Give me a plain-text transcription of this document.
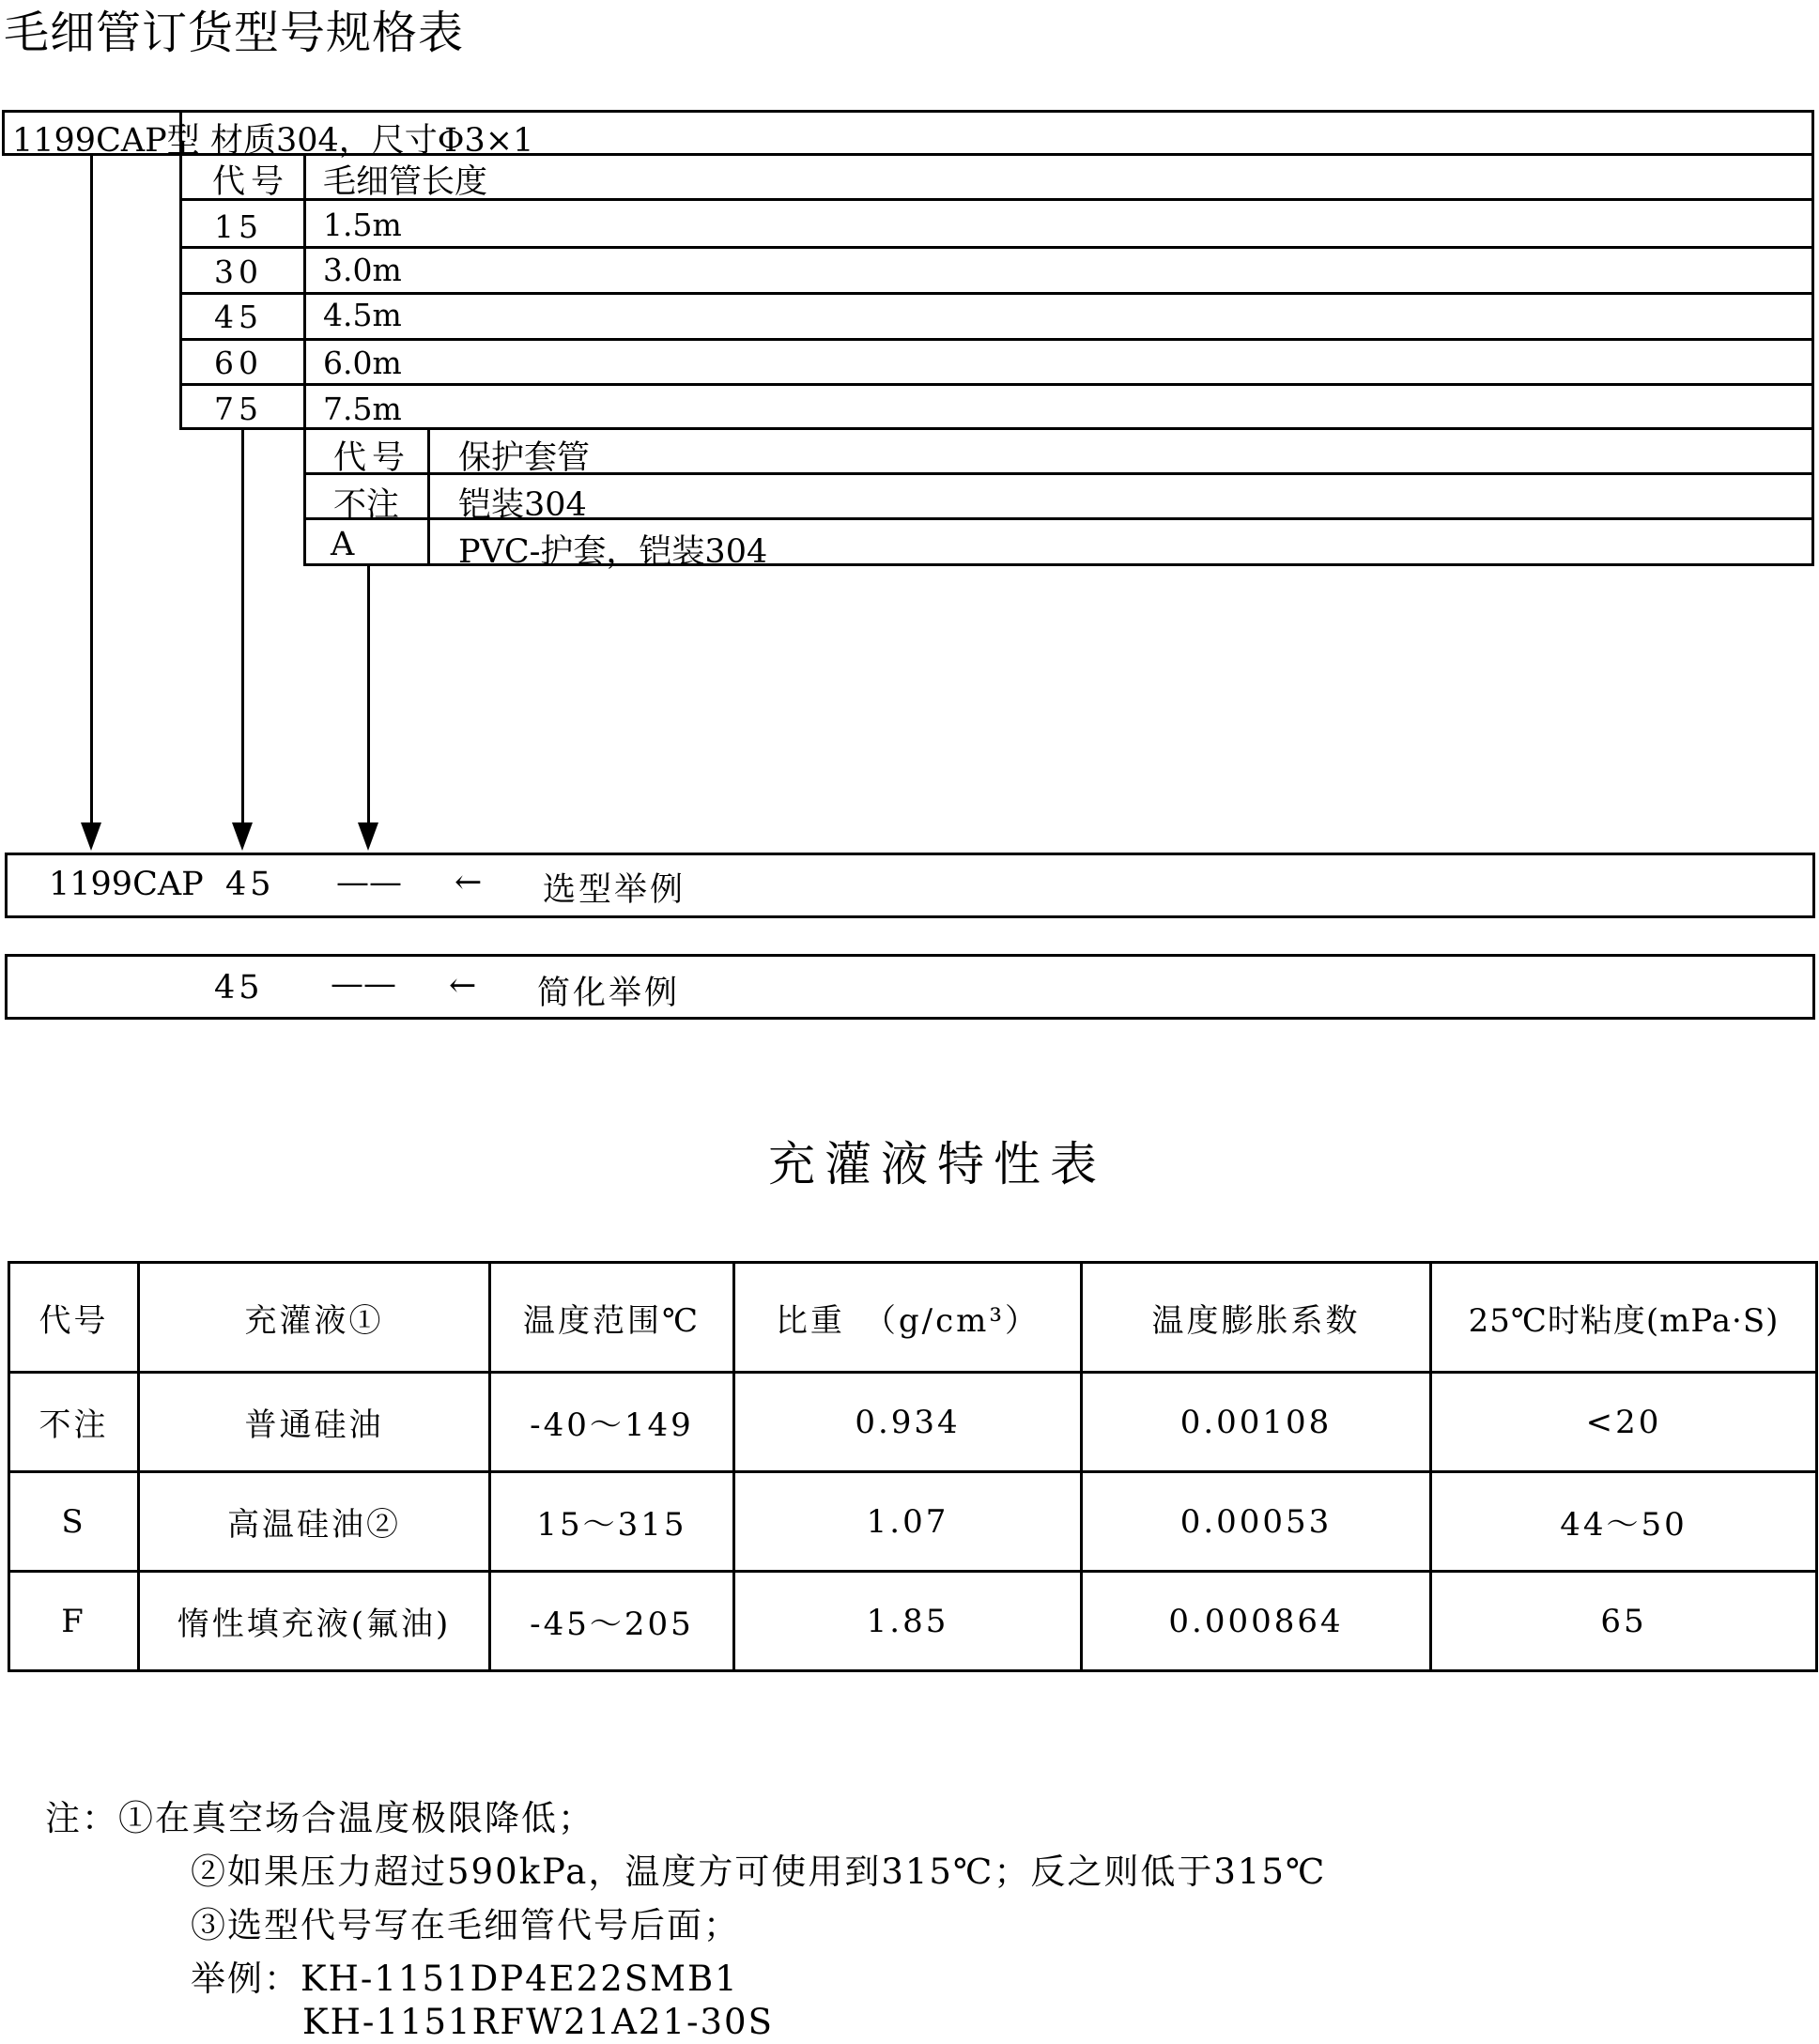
毛细管订货型号规格表
1199CAP型 材质304，尺寸Φ3×1
代号 毛细管长度
15 1.5m
30 3.0m
45 4.5m
60 6.0m
75 7.5m
代号 保护套管
不注 铠装304
A	PVC-护套，铠装304
1199CAP 45 —— ← 选型举例
45 —— ← 简化举例
充灌液特性表
代号	充灌液①	温度范围℃	比重　（g/cm³）	温度膨胀系数	25℃时粘度(mPa·S)
不注	普通硅油	-40～149	0.934	0.00108	<20
S	高温硅油②	15～315	1.07	0.00053	44～50
F	惰性填充液(氟油)	-45～205	1.85	0.000864	65
注：①在真空场合温度极限降低；
②如果压力超过590kPa，温度方可使用到315℃；反之则低于315℃
③选型代号写在毛细管代号后面；
举例：KH-1151DP4E22SMB1
KH-1151RFW21A21-30S
